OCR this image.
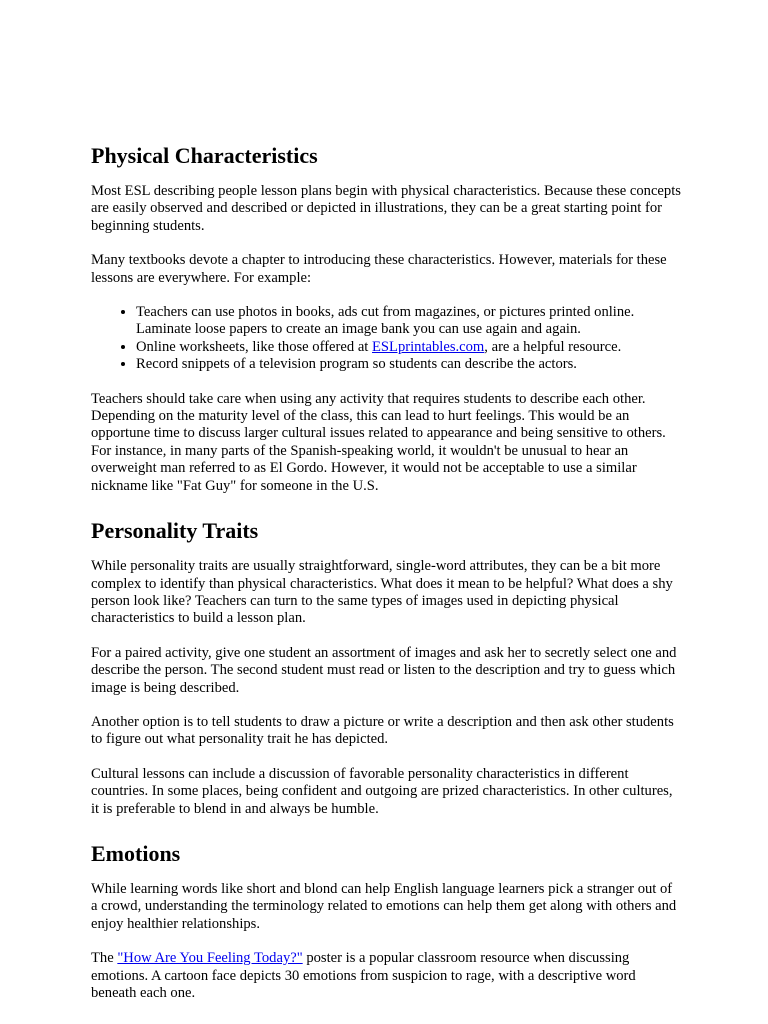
Physical Characteristics

Most ESL describing people lesson plans begin with physical characteristics. Because these concepts are easily observed and described or depicted in illustrations, they can be a great starting point for beginning students.

Many textbooks devote a chapter to introducing these characteristics. However, materials for these lessons are everywhere. For example:

• Teachers can use photos in books, ads cut from magazines, or pictures printed online. Laminate loose papers to create an image bank you can use again and again.
• Online worksheets, like those offered at ESLprintables.com, are a helpful resource.
• Record snippets of a television program so students can describe the actors.

Teachers should take care when using any activity that requires students to describe each other. Depending on the maturity level of the class, this can lead to hurt feelings. This would be an opportune time to discuss larger cultural issues related to appearance and being sensitive to others. For instance, in many parts of the Spanish-speaking world, it wouldn't be unusual to hear an overweight man referred to as El Gordo. However, it would not be acceptable to use a similar nickname like "Fat Guy" for someone in the U.S.

Personality Traits

While personality traits are usually straightforward, single-word attributes, they can be a bit more complex to identify than physical characteristics. What does it mean to be helpful? What does a shy person look like? Teachers can turn to the same types of images used in depicting physical characteristics to build a lesson plan.

For a paired activity, give one student an assortment of images and ask her to secretly select one and describe the person. The second student must read or listen to the description and try to guess which image is being described.

Another option is to tell students to draw a picture or write a description and then ask other students to figure out what personality trait he has depicted.

Cultural lessons can include a discussion of favorable personality characteristics in different countries. In some places, being confident and outgoing are prized characteristics. In other cultures, it is preferable to blend in and always be humble.

Emotions

While learning words like short and blond can help English language learners pick a stranger out of a crowd, understanding the terminology related to emotions can help them get along with others and enjoy healthier relationships.

The "How Are You Feeling Today?" poster is a popular classroom resource when discussing emotions. A cartoon face depicts 30 emotions from suspicion to rage, with a descriptive word beneath each one.
